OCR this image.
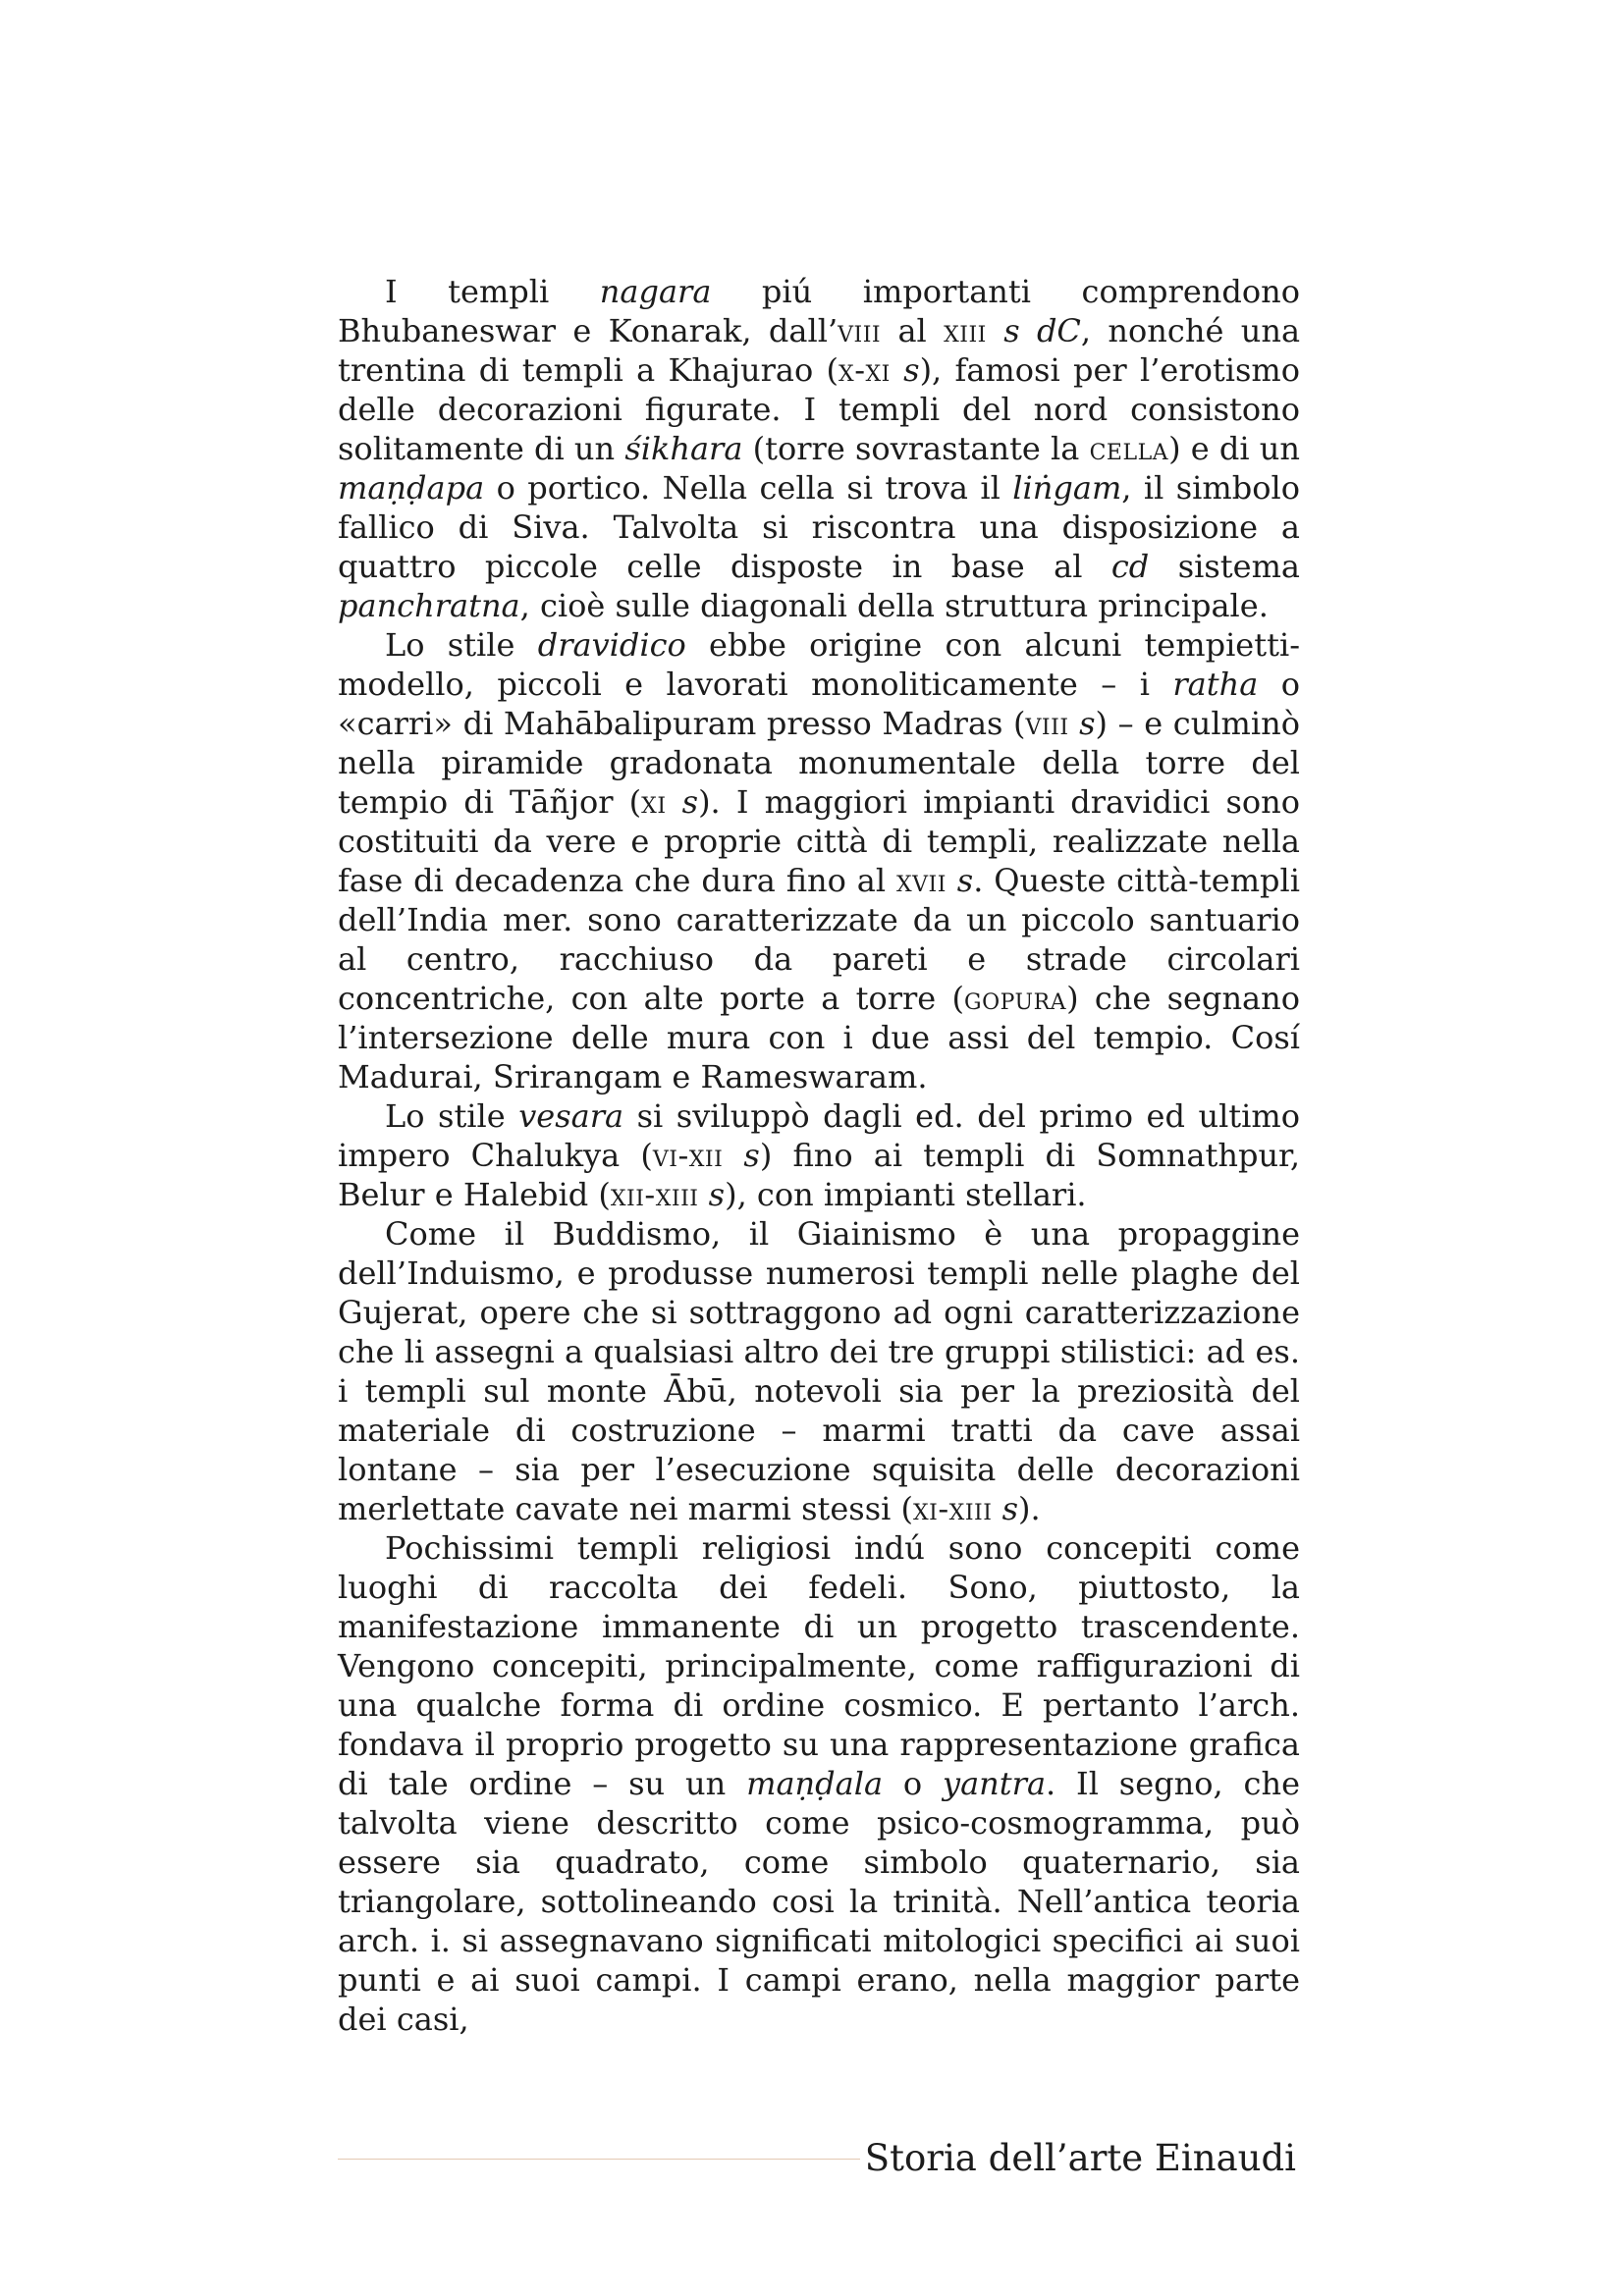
I templi nagara piú importanti comprendono Bhubaneswar e Konarak, dall’viii al xiii s dC, nonché una trentina di templi a Khajurao (x-xi s), famosi per l’erotismo delle decorazioni figurate. I templi del nord consistono solitamente di un śikhara (torre sovrastante la cella) e di un maṇḍapa o portico. Nella cella si trova il liṅgam, il simbolo fallico di Siva. Talvolta si riscontra una disposizione a quattro piccole celle disposte in base al cd sistema panchratna, cioè sulle diagonali della struttura principale.

Lo stile dravidico ebbe origine con alcuni tempietti-modello, piccoli e lavorati monoliticamente – i ratha o «carri» di Mahābalipuram presso Madras (viii s) – e culminò nella piramide gradonata monumentale della torre del tempio di Tāñjor (xi s). I maggiori impianti dravidici sono costituiti da vere e proprie città di templi, realizzate nella fase di decadenza che dura fino al xvii s. Queste città-templi dell’India mer. sono caratterizzate da un piccolo santuario al centro, racchiuso da pareti e strade circolari concentriche, con alte porte a torre (gopura) che segnano l’intersezione delle mura con i due assi del tempio. Cosí Madurai, Srirangam e Rameswaram.

Lo stile vesara si sviluppò dagli ed. del primo ed ultimo impero Chalukya (vi-xii s) fino ai templi di Somnathpur, Belur e Halebid (xii-xiii s), con impianti stellari.

Come il Buddismo, il Giainismo è una propaggine dell’Induismo, e produsse numerosi templi nelle plaghe del Gujerat, opere che si sottraggono ad ogni caratterizzazione che li assegni a qualsiasi altro dei tre gruppi stilistici: ad es. i templi sul monte Ābū, notevoli sia per la preziosità del materiale di costruzione – marmi tratti da cave assai lontane – sia per l’esecuzione squisita delle decorazioni merlettate cavate nei marmi stessi (xi-xiii s).

Pochissimi templi religiosi indú sono concepiti come luoghi di raccolta dei fedeli. Sono, piuttosto, la manifestazione immanente di un progetto trascendente. Vengono concepiti, principalmente, come raffigurazioni di una qualche forma di ordine cosmico. E pertanto l’arch. fondava il proprio progetto su una rappresentazione grafica di tale ordine – su un maṇḍala o yantra. Il segno, che talvolta viene descritto come psico-cosmogramma, può essere sia quadrato, come simbolo quaternario, sia triangolare, sottolineando cosi la trinità. Nell’antica teoria arch. i. si assegnavano significati mitologici specifici ai suoi punti e ai suoi campi. I campi erano, nella maggior parte dei casi,

Storia dell’arte Einaudi
